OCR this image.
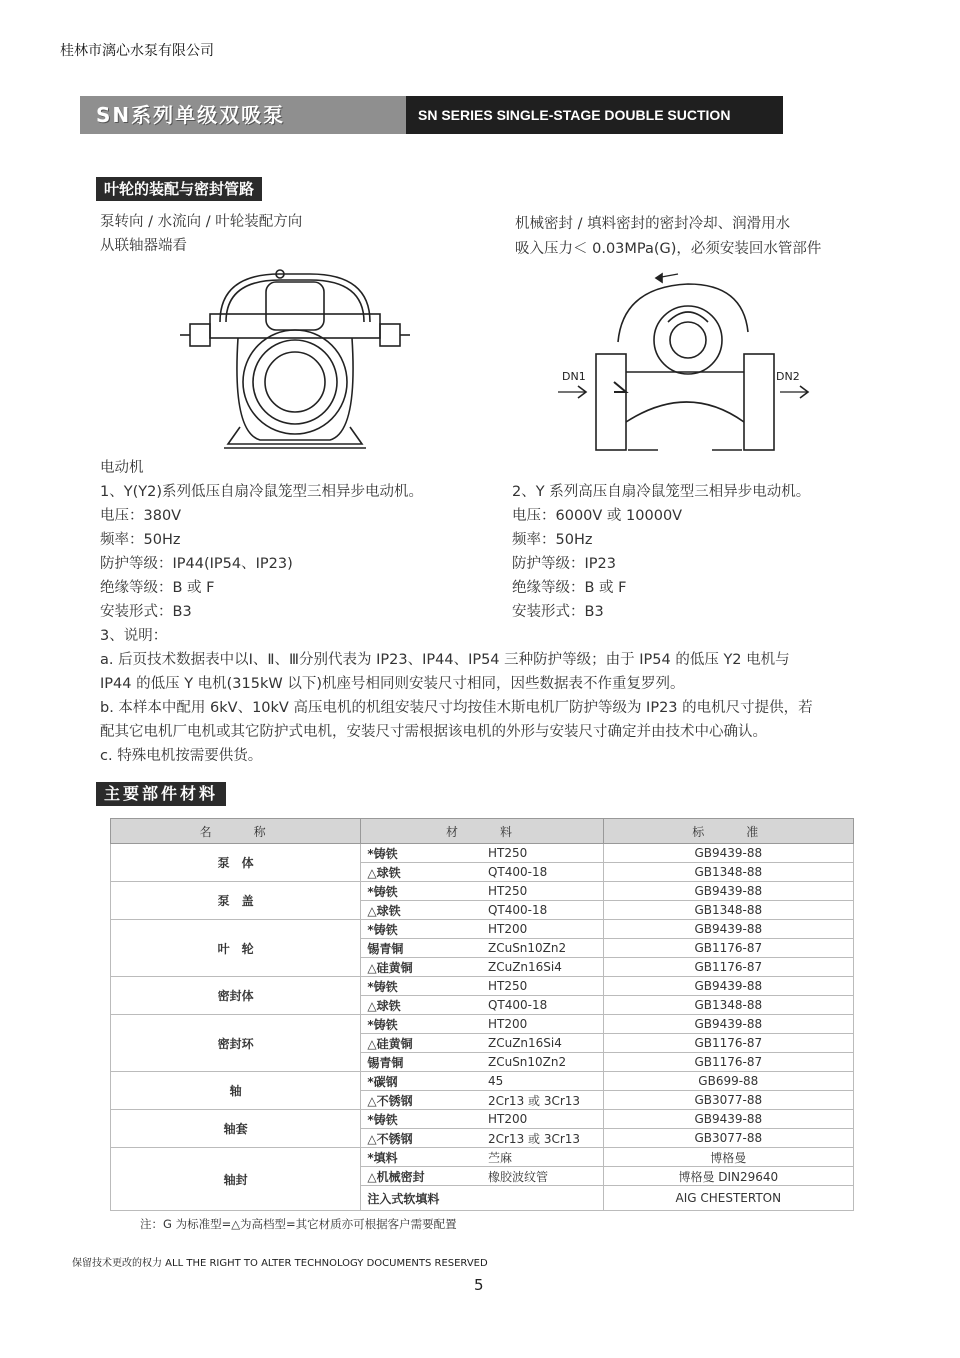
桂林市漓心水泵有限公司
SN系列单级双吸泵	SN SERIES SINGLE-STAGE DOUBLE SUCTION PUMPS
叶轮的装配与密封管路
泵转向 / 水流向 / 叶轮装配方向
从联轴器端看
机械密封 / 填料密封的密封冷却、润滑用水
吸入压力＜ 0.03MPa(G)，必须安装回水管部件
DN1	DN2
电动机
1、Y(Y2)系列低压自扇冷鼠笼型三相异步电动机。
电压：380V
频率：50Hz
防护等级：IP44(IP54、IP23)
绝缘等级：B 或 F
安装形式：B3
2、Y 系列高压自扇冷鼠笼型三相异步电动机。
电压：6000V 或 10000V
频率：50Hz
防护等级：IP23
绝缘等级：B 或 F
安装形式：B3
3、说明：
a. 后页技术数据表中以Ⅰ、Ⅱ、Ⅲ分别代表为 IP23、IP44、IP54 三种防护等级；由于 IP54 的低压 Y2 电机与
IP44 的低压 Y 电机(315kW 以下)机座号相同则安装尺寸相同，因些数据表不作重复罗列。
b. 本样本中配用 6kV、10kV 高压电机的机组安装尺寸均按佳木斯电机厂防护等级为 IP23 的电机尺寸提供，若
配其它电机厂电机或其它防护式电机，安装尺寸需根据该电机的外形与安装尺寸确定并由技术中心确认。
c. 特殊电机按需要供货。
主要部件材料
名　　称	材　　料		标　　准
泵　体	*铸铁	HT250	GB9439-88
	△球铁	QT400-18	GB1348-88
泵　盖	*铸铁	HT250	GB9439-88
	△球铁	QT400-18	GB1348-88
叶　轮	*铸铁	HT200	GB9439-88
	锡青铜	ZCuSn10Zn2	GB1176-87
	△硅黄铜	ZCuZn16Si4	GB1176-87
密封体	*铸铁	HT250	GB9439-88
	△球铁	QT400-18	GB1348-88
密封环	*铸铁	HT200	GB9439-88
	△硅黄铜	ZCuZn16Si4	GB1176-87
	锡青铜	ZCuSn10Zn2	GB1176-87
轴	*碳钢	45	GB699-88
	△不锈钢	2Cr13 或 3Cr13	GB3077-88
轴套	*铸铁	HT200	GB9439-88
	△不锈钢	2Cr13 或 3Cr13	GB3077-88
轴封	*填料	苎麻	博格曼
	△机械密封	橡胶波纹管	博格曼 DIN29640
	注入式软填料		AIG CHESTERTON
注：G 为标准型=△为高档型=其它材质亦可根据客户需要配置
保留技术更改的权力 ALL THE RIGHT TO ALTER TECHNOLOGY DOCUMENTS RESERVED
5
